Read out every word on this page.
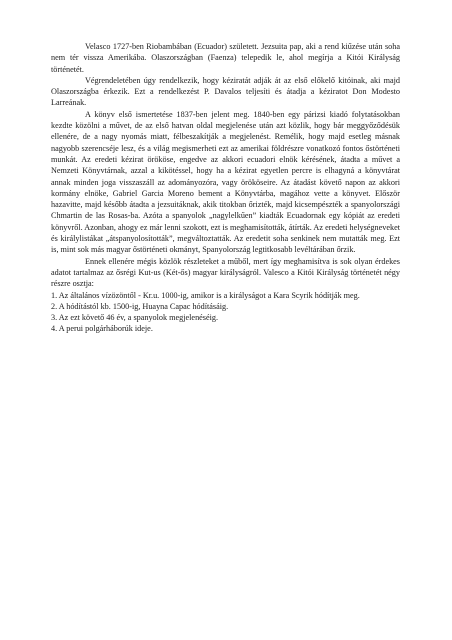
Velasco 1727-ben Riobambában (Ecuador) született. Jezsuita pap, aki a rend kiűzése után soha nem tér vissza Amerikába. Olaszországban (Faenza) telepedik le, ahol megírja a Kitói Királyság történetét.

Végrendeletében úgy rendelkezik, hogy kéziratát adják át az első előkelő kitóinak, aki majd Olaszországba érkezik. Ezt a rendelkezést P. Davalos teljesíti és átadja a kéziratot Don Modesto Larreának.

A könyv első ismertetése 1837-ben jelent meg. 1840-ben egy párizsi kiadó folytatásokban kezdte közölni a művet, de az első hatvan oldal megjelenése után azt közlik, hogy bár meggyőződésük ellenére, de a nagy nyomás miatt, félbeszakítják a megjelenést. Remélik, hogy majd esetleg másnak nagyobb szerencséje lesz, és a világ megismerheti ezt az amerikai földrészre vonatkozó fontos őstörténeti munkát. Az eredeti kézirat örököse, engedve az akkori ecuadori elnök kérésének, átadta a művet a Nemzeti Könyvtárnak, azzal a kikötéssel, hogy ha a kézirat egyetlen percre is elhagyná a könyvtárat annak minden joga visszaszáll az adományozóra, vagy örököseire. Az átadást követő napon az akkori kormány elnöke, Gabriel Garcia Moreno bement a Könyvtárba, magához vette a könyvet. Először hazavitte, majd később átadta a jezsuitáknak, akik titokban őrizték, majd kicsempészték a spanyolországi Chmartin de las Rosas-ba. Azóta a spanyolok „nagylelkűen” kiadták Ecuadornak egy kópiát az eredeti könyvről. Azonban, ahogy ez már lenni szokott, ezt is meghamisították, átírták. Az eredeti helységneveket és királylistákat „átspanyolosították”, megváltoztatták. Az eredetit soha senkinek nem mutatták meg. Ezt is, mint sok más magyar őstörténeti okmányt, Spanyolország legtitkosabb levéltárában őrzik.

Ennek ellenére mégis közlök részleteket a műből, mert így meghamisítva is sok olyan érdekes adatot tartalmaz az ősrégi Kut-us (Két-ős) magyar királyságról. Valesco a Kitói Királyság történetét négy részre osztja:

1. Az általános vízözöntől - Kr.u. 1000-ig, amikor is a királyságot a Kara Scyrik hódítják meg.
2. A hódítástól kb. 1500-ig, Huayna Capac hódításáig.
3. Az ezt követő 46 év, a spanyolok megjelenéséig.
4. A perui polgárháborúk ideje.
